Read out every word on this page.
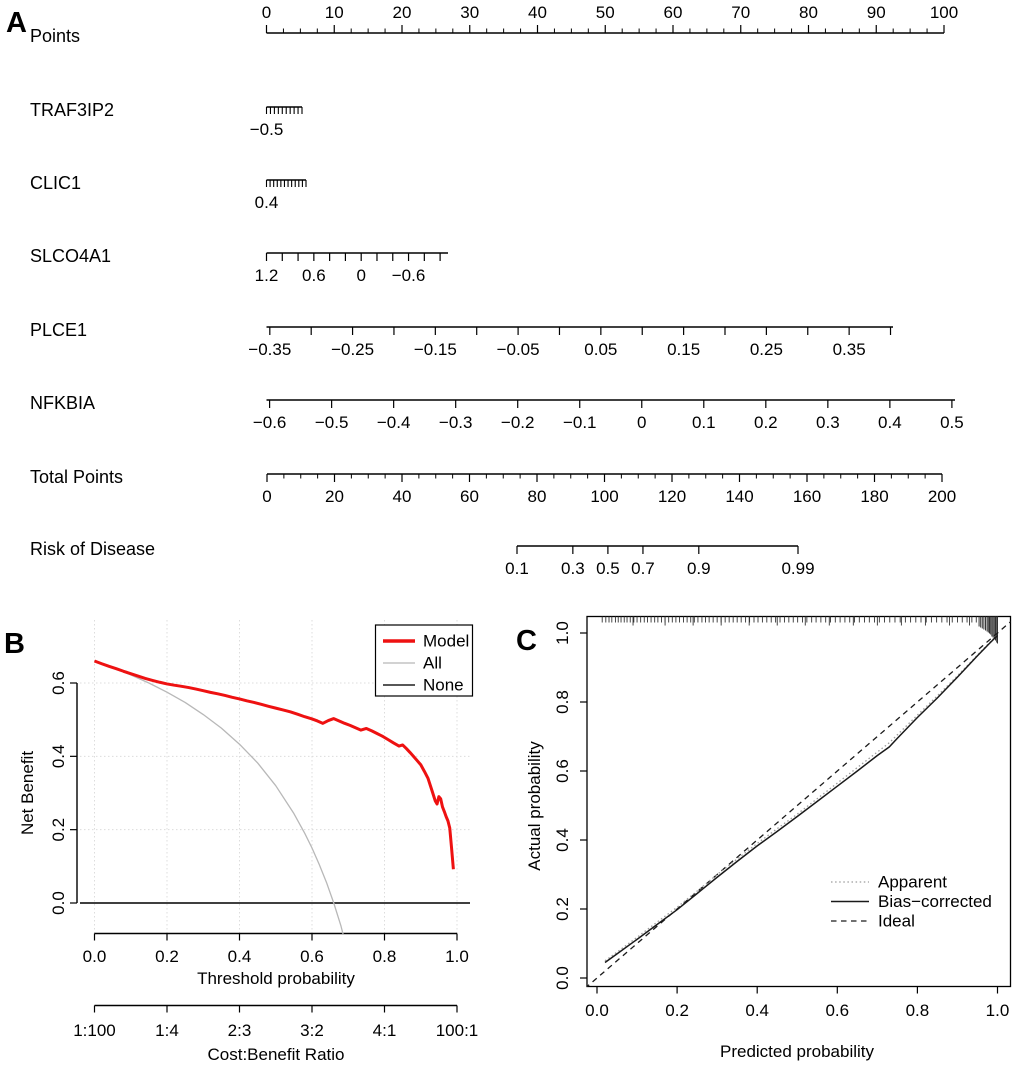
A
B	C
Points
0	10	20	30	40	50	60	70	80	90	100
TRAF3IP2
−0.5
CLIC1
0.4
SLCO4A1
1.2 0.6 0 −0.6
PLCE1
−0.35 −0.25 −0.15 −0.05	0.05	0.15	0.25	0.35
NFKBIA
−0.6 −0.5 −0.4 −0.3 −0.2 −0.1 0	0.1 0.2 0.3 0.4 0.5
Total Points
0	20	40	60	80	100 120 140 160 180 200
Risk of Disease
0.1 0.3 0.5 0.7 0.9	0.99
0.0
0.2
0.4
0.6
0.0	0.2	0.4	0.6	0.8	1.0
1:100 1:4	2:3	3:2	4:1 100:1
Model
All
None
Threshold probability
Cost:Benefit Ratio
Net Benefit
0.0
0.2
0.4
0.6
0.8
1.0
0.0	0.2	0.4	0.6	0.8	1.0
Apparent
Bias−corrected
Ideal
Predicted probability
Actual probability
